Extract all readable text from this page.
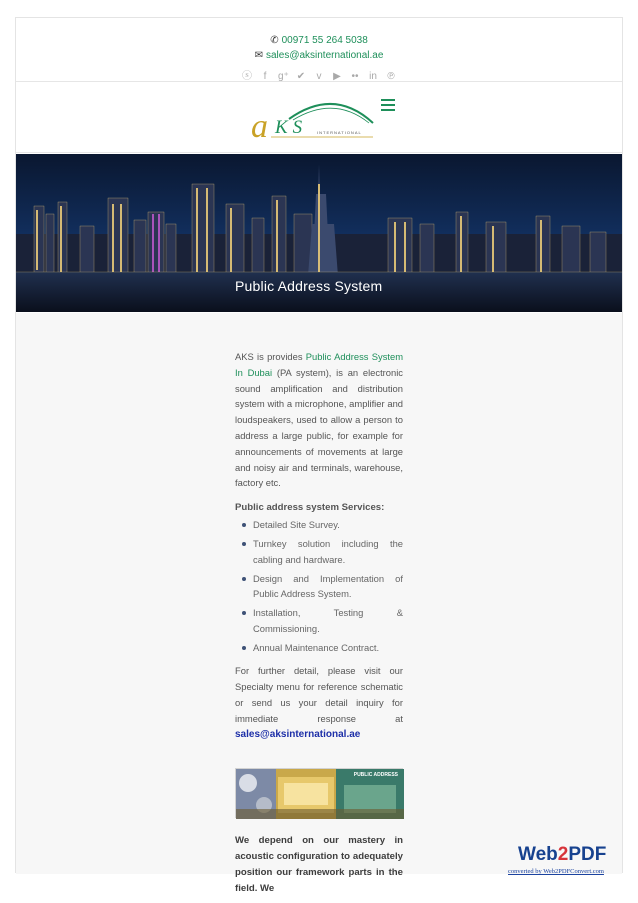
✆ 00971 55 264 5038
✉ sales@aksinternational.ae
ⓢ f g⁺ ✔ v ▶ •• in ℗
a KS INTERNATIONAL
Public Address System

AKS is provides Public Address System In Dubai (PA system), is an electronic sound amplification and distribution system with a microphone, amplifier and loudspeakers, used to allow a person to address a large public, for example for announcements of movements at large and noisy air and terminals, warehouse, factory etc.

Public address system Services:
Detailed Site Survey.
Turnkey solution including the cabling and hardware.
Design and Implementation of Public Address System.
Installation, Testing & Commissioning.
Annual Maintenance Contract.

For further detail, please visit our Specialty menu for reference schematic or send us your detail inquiry for immediate response at sales@aksinternational.ae

PUBLIC ADDRESS

We depend on our mastery in acoustic configuration to adequately position our framework parts in the field. We

Web2PDF
converted by Web2PDFConvert.com
